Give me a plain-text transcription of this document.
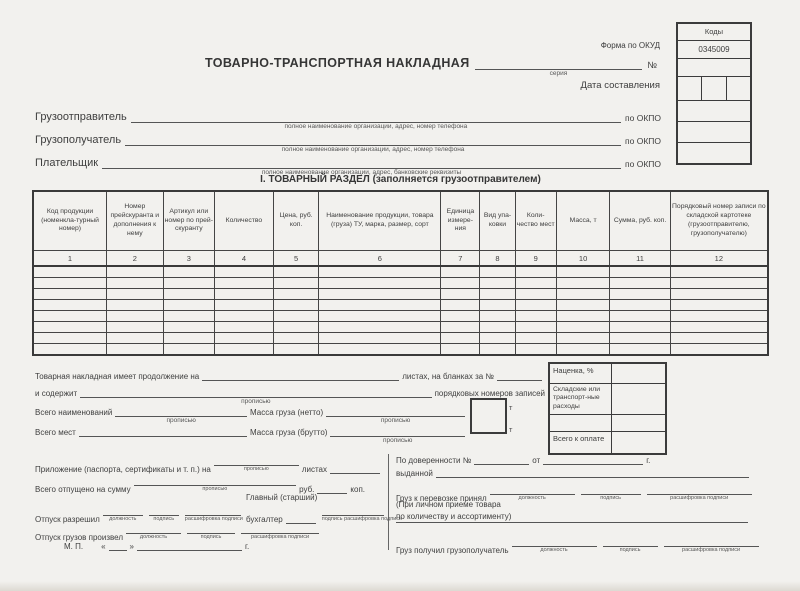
Коды
0345009
Форма по ОКУД
Дата составления
ТОВАРНО-ТРАНСПОРТНАЯ НАКЛАДНАЯ
серия
№
Грузоотправитель
полное наименование организации, адрес, номер телефона
по ОКПО
Грузополучатель
полное наименование организации, адрес, номер телефона
по ОКПО
Плательщик
полное наименование организации, адрес, банковские реквизиты
по ОКПО
I. ТОВАРНЫЙ РАЗДЕЛ (заполняется грузоотправителем)
Код продукции (номенкла-турный номер)	Номер прейскуранта и дополнения к нему	Артикул или номер по прей-скуранту	Количество	Цена, руб. коп.	Наименование продукции, товара (груза) ТУ, марка, размер, сорт	Единица измере-ния	Вид упа-ковки	Коли-чество мест	Масса, т	Сумма, руб. коп.	Порядковый номер записи по складской картотеке (грузоотправителю, грузополучателю)
1	2	3	4	5	6	7	8	9	10	11	12

Товарная накладная имеет продолжение на	листах, на бланках за №
и содержит
прописью
порядковых номеров записей
Всего наименований
прописью
Масса груза (нетто)
прописью
Всего мест	Масса груза (брутто)
прописью
т
т
Наценка, %
Складские или транспорт-ные расходы
Всего к оплате
Приложение (паспорта, сертификаты и т. п.) на	прописью	листах
Всего отпущено на сумму	прописью	руб.	коп.
Главный (старший)
Отпуск разрешил	должность	подпись	расшифровка подписи бухгалтер	подпись расшифровка подписи
Отпуск грузов произвел	должность	подпись	расшифровка подписи
М. П. «	»	г.
По доверенности №	от	г.
выданной
Груз к перевозке принял	должность	подпись	расшифровка подписи
(При личном приеме товара
по количеству и ассортименту)
Груз получил грузополучатель	должность	подпись	расшифровка подписи
